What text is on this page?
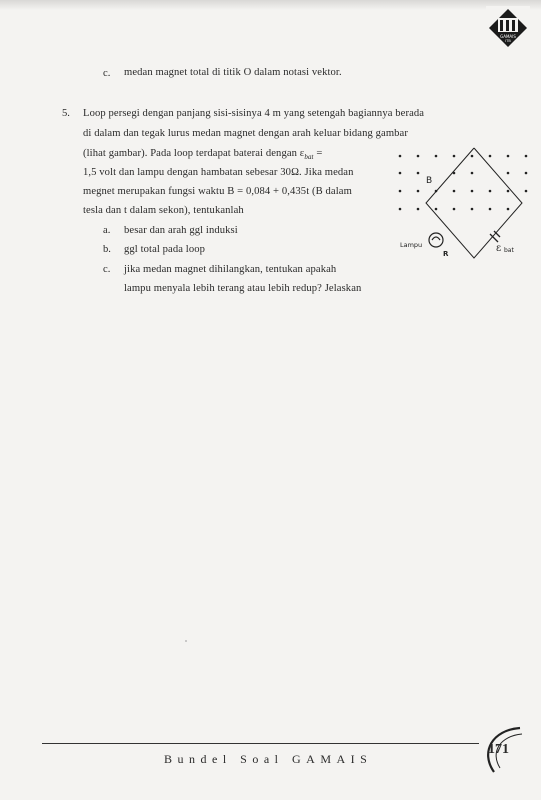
GAMAIS
ITB
c. medan magnet total di titik O dalam notasi vektor.
5. Loop persegi dengan panjang sisi-sisinya 4 m yang setengah bagiannya berada
di dalam dan tegak lurus medan magnet dengan arah keluar bidang gambar
(lihat gambar). Pada loop terdapat baterai dengan $\varepsilon_{bat}$ =
1,5 volt dan lampu dengan hambatan sebesar 30Ω. Jika medan
megnet merupakan fungsi waktu B = 0,084 + 0,435t (B dalam
tesla dan t dalam sekon), tentukanlah
a. besar dan arah ggl induksi
b. ggl total pada loop
c. jika medan magnet dihilangkan, tentukan apakah
lampu menyala lebih terang atau lebih redup? Jelaskan
Lampu
R
B
ε bat
Bundel Soal GAMAIS
171
